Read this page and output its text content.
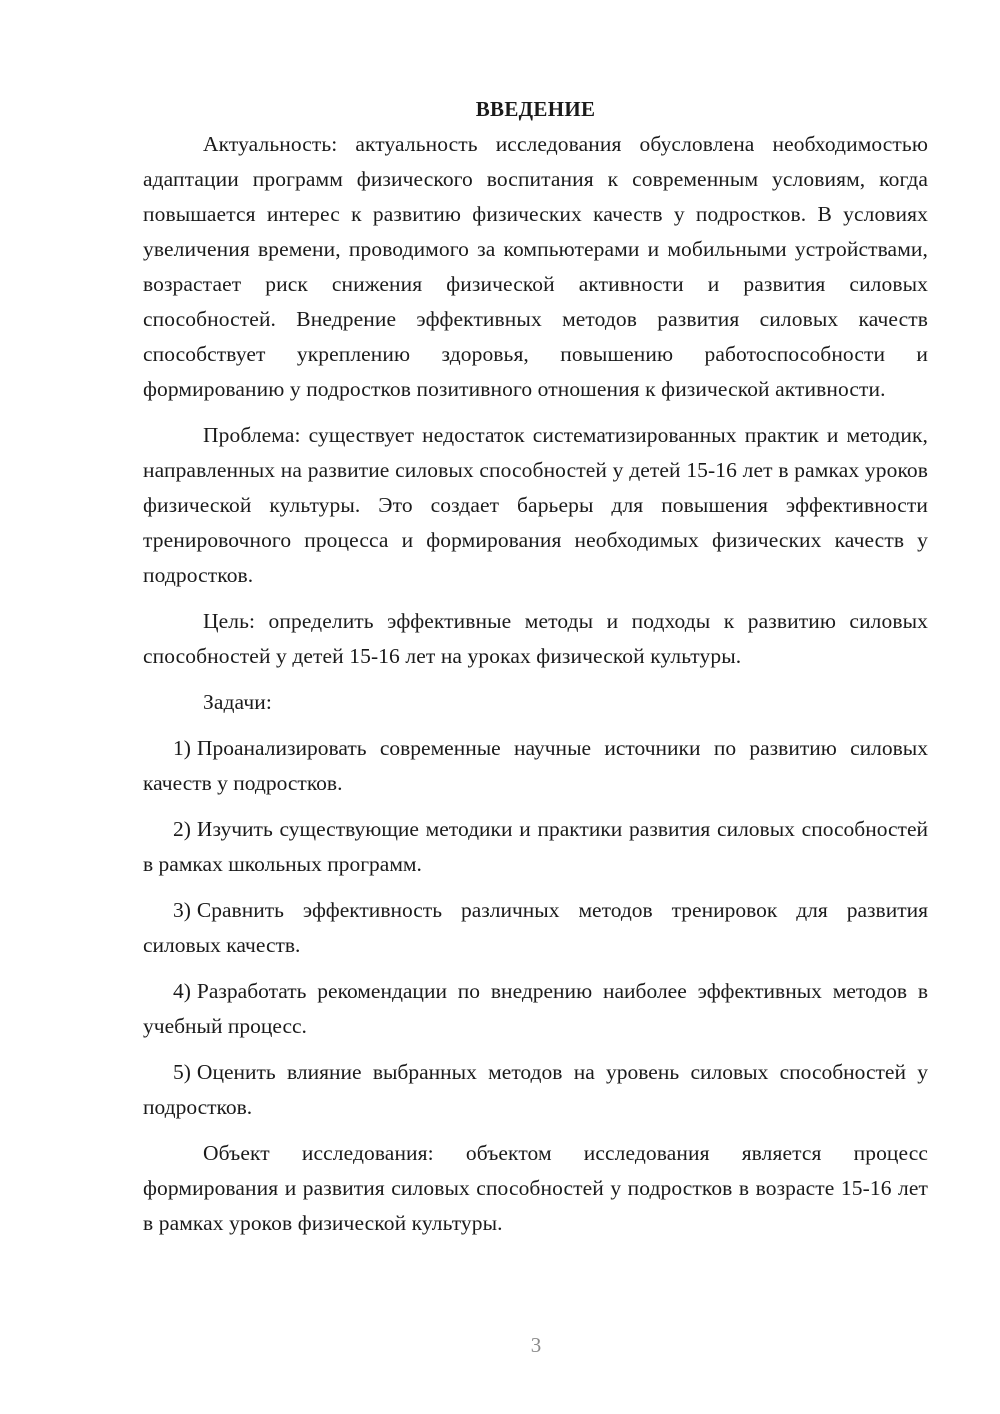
ВВЕДЕНИЕ

Актуальность: актуальность исследования обусловлена необходимостью адаптации программ физического воспитания к современным условиям, когда повышается интерес к развитию физических качеств у подростков. В условиях увеличения времени, проводимого за компьютерами и мобильными устройствами, возрастает риск снижения физической активности и развития силовых способностей. Внедрение эффективных методов развития силовых качеств способствует укреплению здоровья, повышению работоспособности и формированию у подростков позитивного отношения к физической активности.

Проблема: существует недостаток систематизированных практик и методик, направленных на развитие силовых способностей у детей 15-16 лет в рамках уроков физической культуры. Это создает барьеры для повышения эффективности тренировочного процесса и формирования необходимых физических качеств у подростков.

Цель: определить эффективные методы и подходы к развитию силовых способностей у детей 15-16 лет на уроках физической культуры.

Задачи:

1) Проанализировать современные научные источники по развитию силовых качеств у подростков.

2) Изучить существующие методики и практики развития силовых способностей в рамках школьных программ.

3) Сравнить эффективность различных методов тренировок для развития силовых качеств.

4) Разработать рекомендации по внедрению наиболее эффективных методов в учебный процесс.

5) Оценить влияние выбранных методов на уровень силовых способностей у подростков.

Объект исследования: объектом исследования является процесс формирования и развития силовых способностей у подростков в возрасте 15-16 лет в рамках уроков физической культуры.

3
